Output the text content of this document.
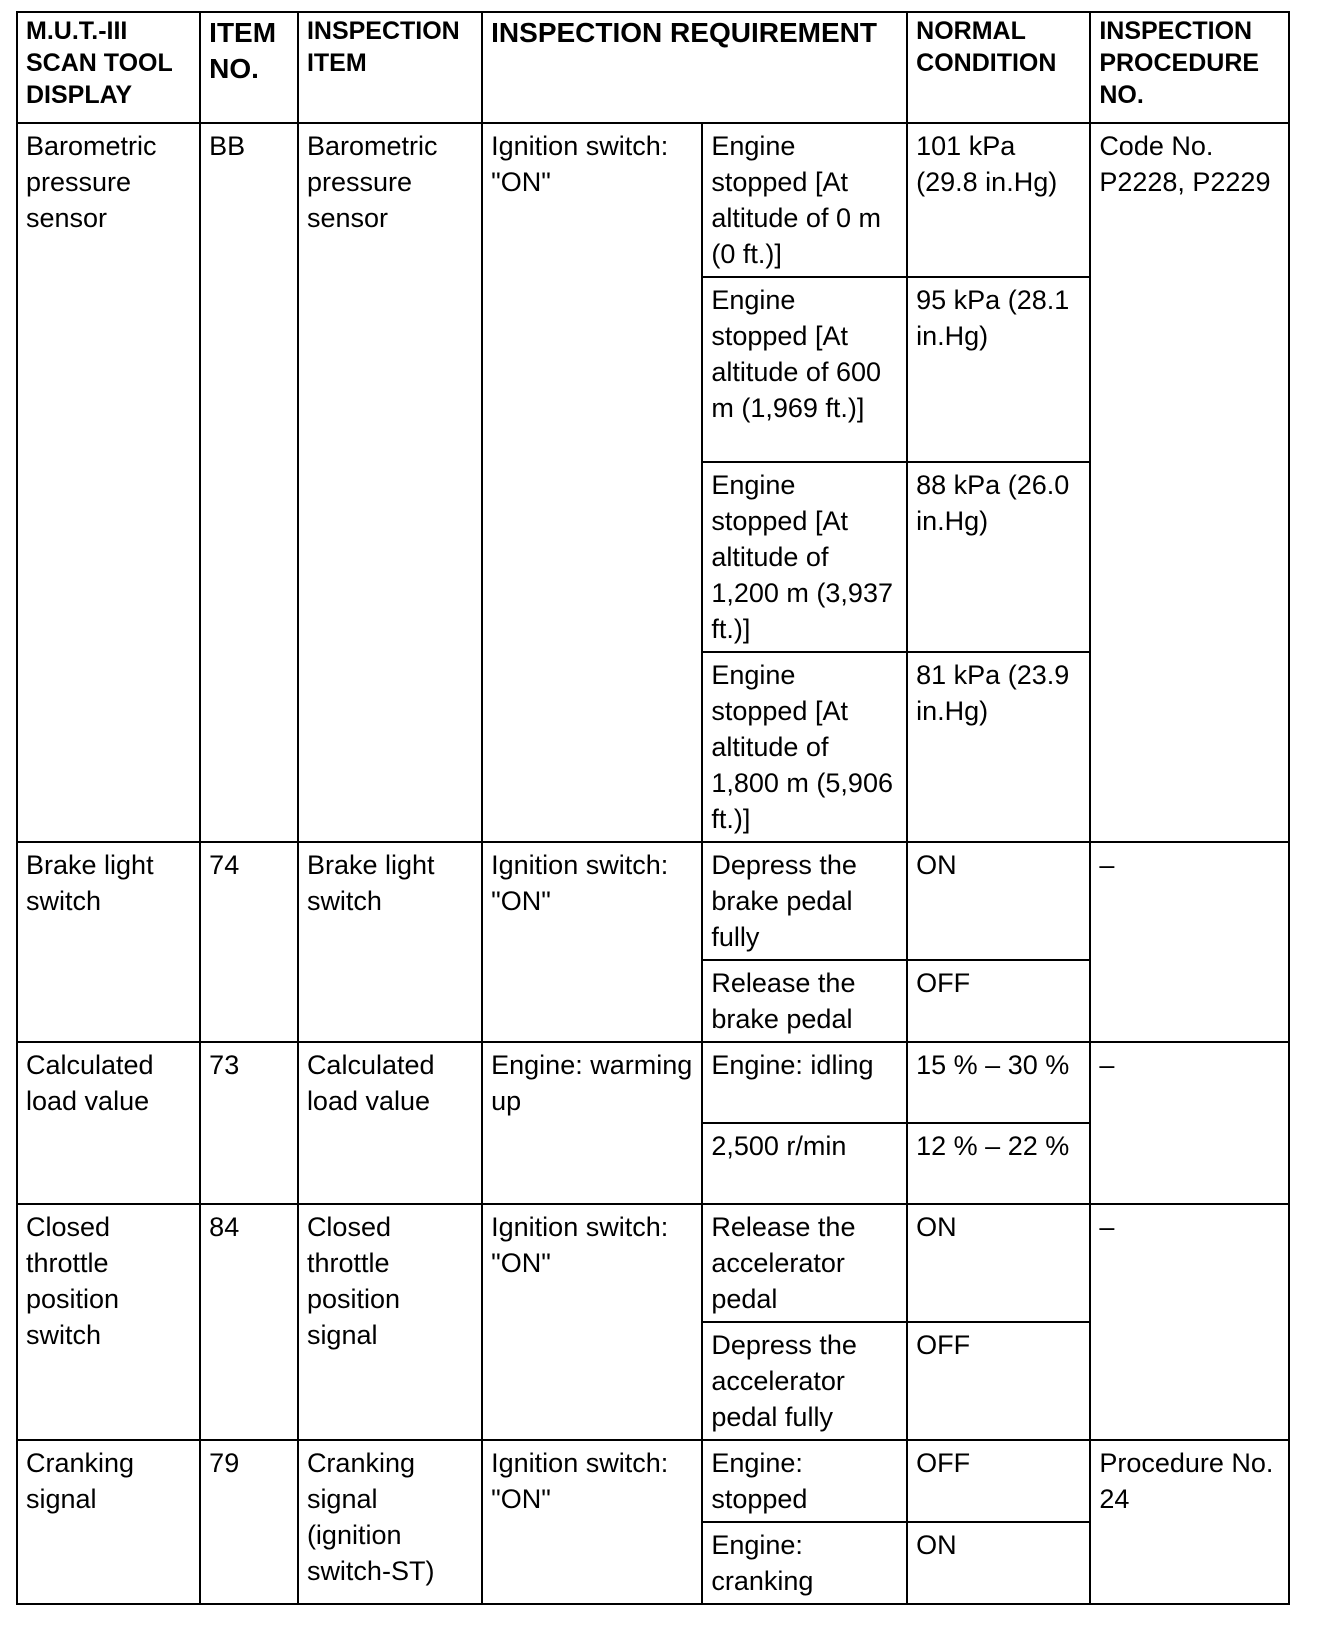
M.U.T.-III SCAN TOOL DISPLAY	ITEM NO.	INSPECTION ITEM	INSPECTION REQUIREMENT		NORMAL CONDITION	INSPECTION PROCEDURE NO.
Barometric pressure sensor	BB	Barometric pressure sensor	Ignition switch: "ON"	Engine stopped [At altitude of 0 m (0 ft.)]	101 kPa (29.8 in.Hg)	Code No. P2228, P2229
				Engine stopped [At altitude of 600 m (1,969 ft.)]	95 kPa (28.1 in.Hg)	
				Engine stopped [At altitude of 1,200 m (3,937 ft.)]	88 kPa (26.0 in.Hg)	
				Engine stopped [At altitude of 1,800 m (5,906 ft.)]	81 kPa (23.9 in.Hg)	
Brake light switch	74	Brake light switch	Ignition switch: "ON"	Depress the brake pedal fully	ON	–
				Release the brake pedal	OFF	
Calculated load value	73	Calculated load value	Engine: warming up	Engine: idling	15 % – 30 %	–
				2,500 r/min	12 % – 22 %	
Closed throttle position switch	84	Closed throttle position signal	Ignition switch: "ON"	Release the accelerator pedal	ON	–
				Depress the accelerator pedal fully	OFF	
Cranking signal	79	Cranking signal (ignition switch-ST)	Ignition switch: "ON"	Engine: stopped	OFF	Procedure No. 24
				Engine: cranking	ON	
